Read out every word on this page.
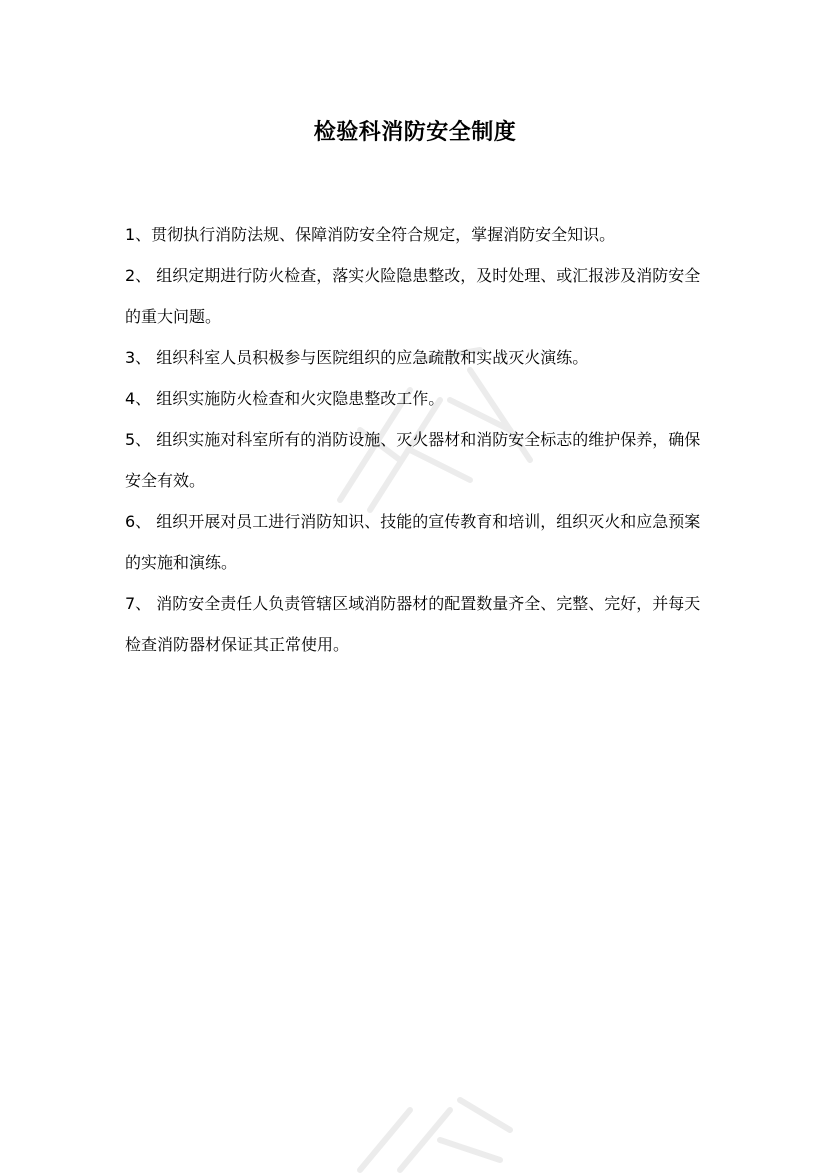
检验科消防安全制度

1、贯彻执行消防法规、保障消防安全符合规定，掌握消防安全知识。

2、 组织定期进行防火检查，落实火险隐患整改，及时处理、或汇报涉及消防安全的重大问题。

3、 组织科室人员积极参与医院组织的应急疏散和实战灭火演练。

4、 组织实施防火检查和火灾隐患整改工作。

5、 组织实施对科室所有的消防设施、灭火器材和消防安全标志的维护保养，确保安全有效。

6、 组织开展对员工进行消防知识、技能的宣传教育和培训，组织灭火和应急预案的实施和演练。

7、 消防安全责任人负责管辖区域消防器材的配置数量齐全、完整、完好，并每天检查消防器材保证其正常使用。
